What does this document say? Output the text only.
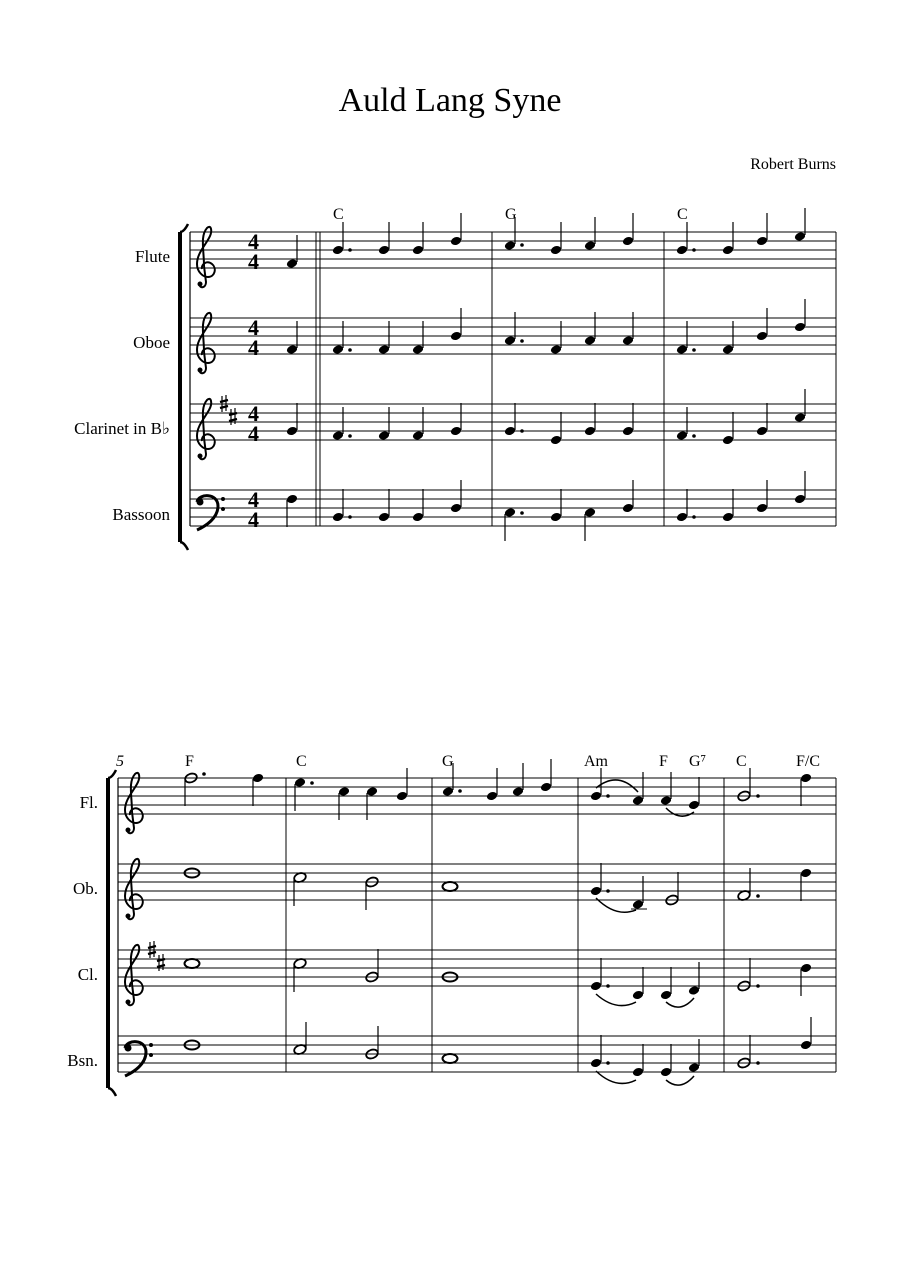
Auld Lang Syne
Robert Burns
4
4
Flute
Oboe
Clarinet in B♭
Bassoon
C	G	C
5
Fl.
Ob.
Cl.
Bsn.
F	C	G	Am	F G⁷ C	F/C
